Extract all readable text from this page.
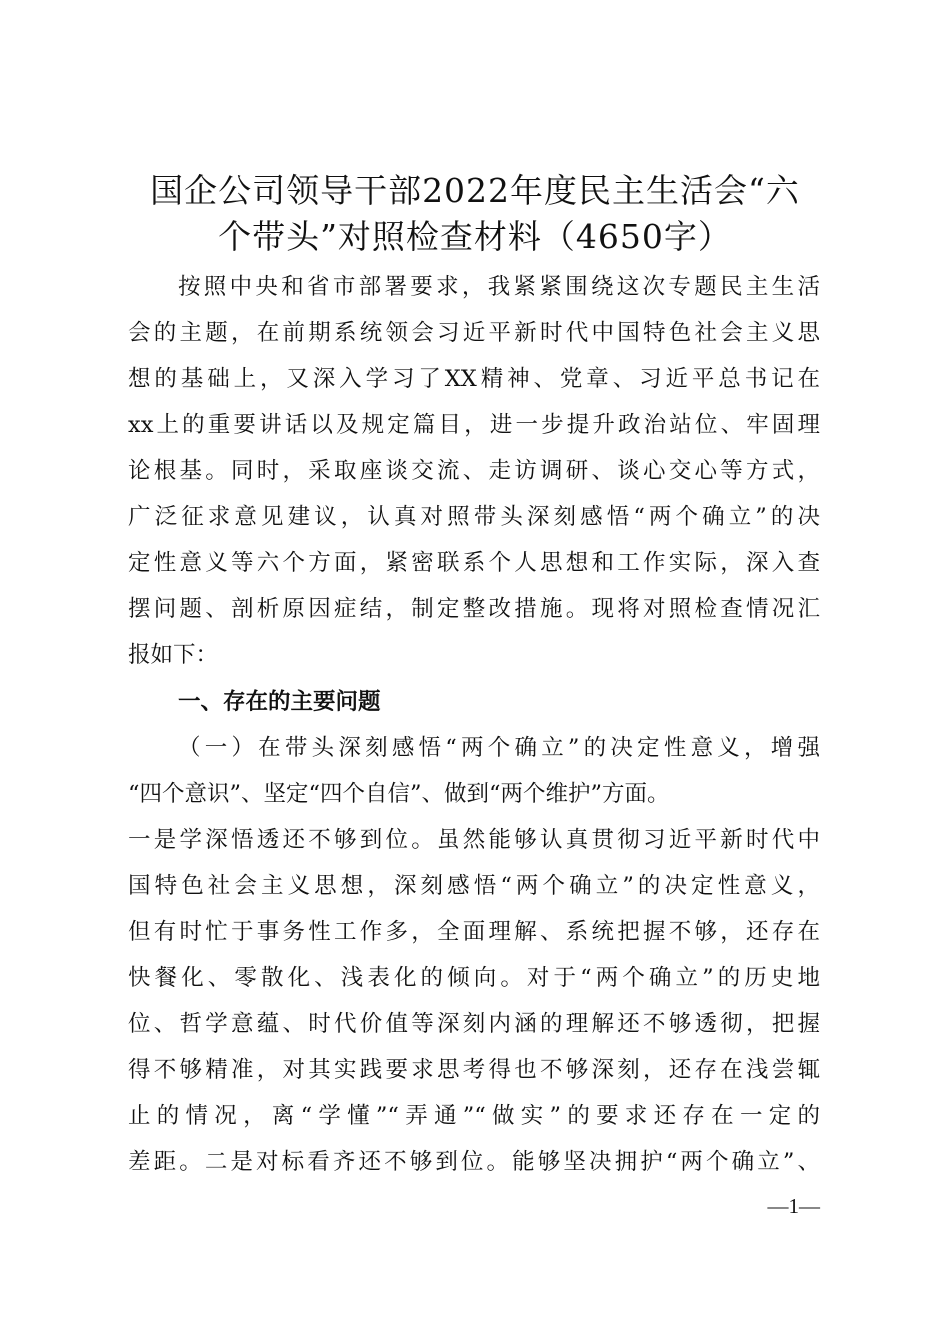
国企公司领导干部2022年度民主生活会“六
个带头”对照检查材料（4650字）
按照中央和省市部署要求，我紧紧围绕这次专题民主生活
会的主题，在前期系统领会习近平新时代中国特色社会主义思
想的基础上，又深入学习了XX精神、党章、习近平总书记在
xx上的重要讲话以及规定篇目，进一步提升政治站位、牢固理
论根基。同时，采取座谈交流、走访调研、谈心交心等方式，
广泛征求意见建议，认真对照带头深刻感悟“两个确立”的决
定性意义等六个方面，紧密联系个人思想和工作实际，深入查
摆问题、剖析原因症结，制定整改措施。现将对照检查情况汇
报如下：
一、存在的主要问题
（一）在带头深刻感悟“两个确立”的决定性意义，增强
“四个意识”、坚定“四个自信”、做到“两个维护”方面。
一是学深悟透还不够到位。虽然能够认真贯彻习近平新时代中
国特色社会主义思想，深刻感悟“两个确立”的决定性意义，
但有时忙于事务性工作多，全面理解、系统把握不够，还存在
快餐化、零散化、浅表化的倾向。对于“两个确立”的历史地
位、哲学意蕴、时代价值等深刻内涵的理解还不够透彻，把握
得不够精准，对其实践要求思考得也不够深刻，还存在浅尝辄
止的情况，离“学懂”“弄通”“做实”的要求还存在一定的
差距。二是对标看齐还不够到位。能够坚决拥护“两个确立”、
—1—
